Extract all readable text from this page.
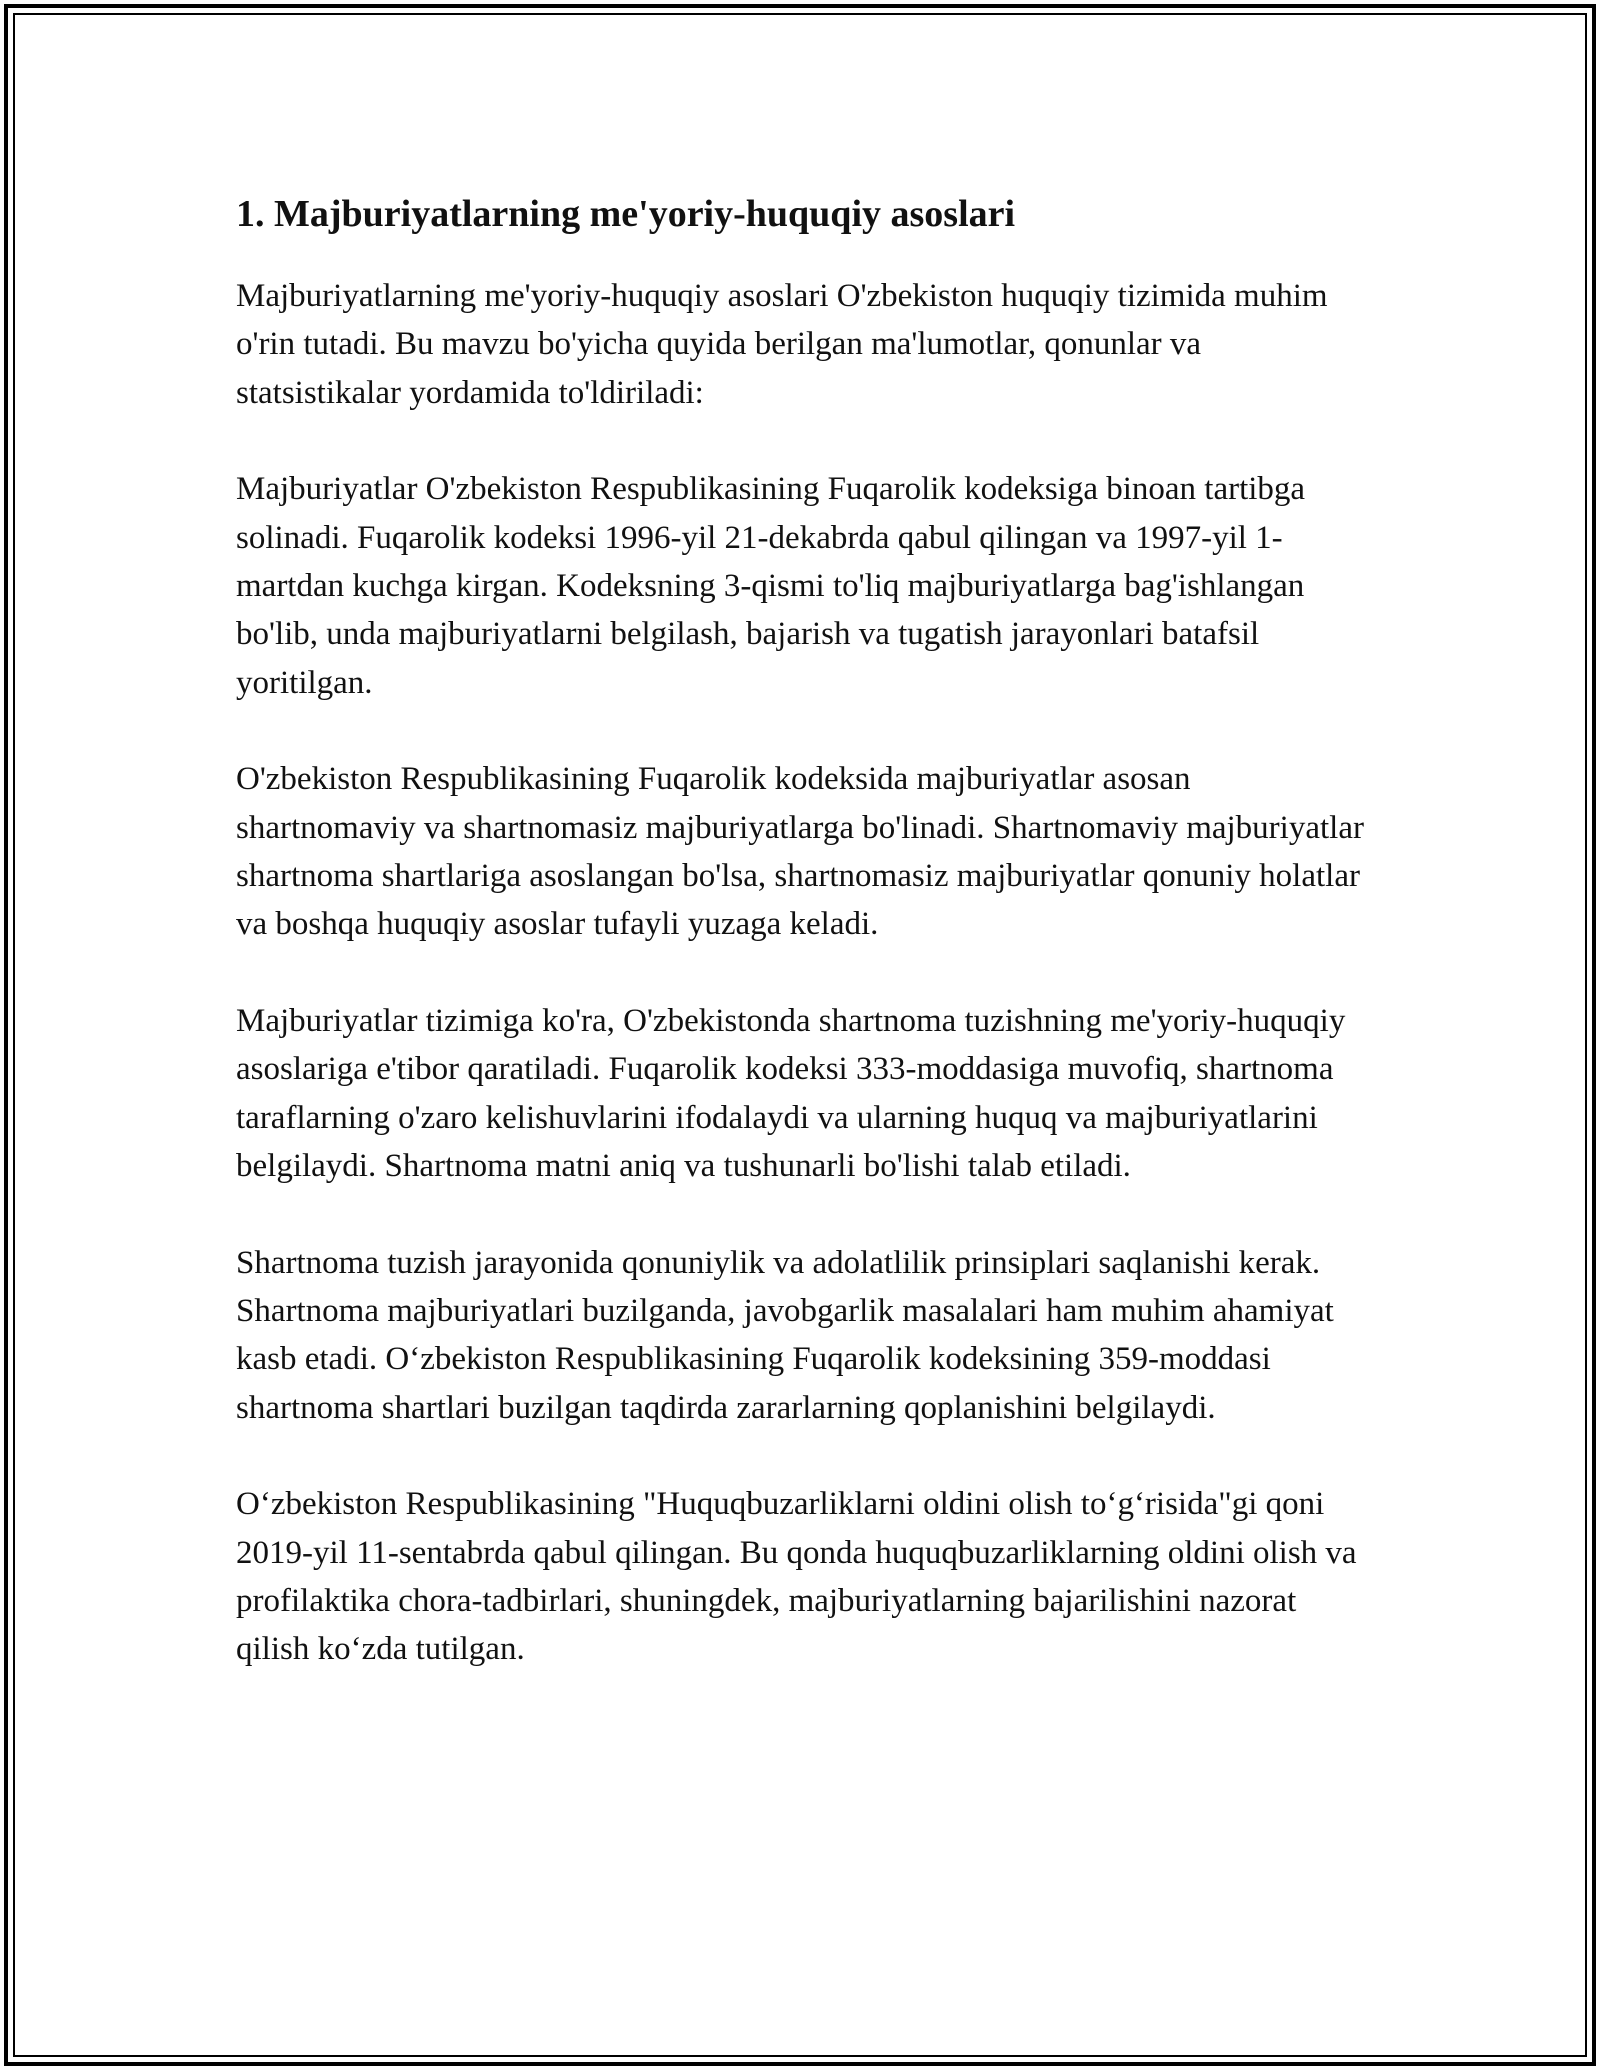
1. Majburiyatlarning me'yoriy-huquqiy asoslari

Majburiyatlarning me'yoriy-huquqiy asoslari O'zbekiston huquqiy tizimida muhim o'rin tutadi. Bu mavzu bo'yicha quyida berilgan ma'lumotlar, qonunlar va statsistikalar yordamida to'ldiriladi:

Majburiyatlar O'zbekiston Respublikasining Fuqarolik kodeksiga binoan tartibga solinadi. Fuqarolik kodeksi 1996-yil 21-dekabrda qabul qilingan va 1997-yil 1-martdan kuchga kirgan. Kodeksning 3-qismi to'liq majburiyatlarga bag'ishlangan bo'lib, unda majburiyatlarni belgilash, bajarish va tugatish jarayonlari batafsil yoritilgan.

O'zbekiston Respublikasining Fuqarolik kodeksida majburiyatlar asosan shartnomaviy va shartnomasiz majburiyatlarga bo'linadi. Shartnomaviy majburiyatlar shartnoma shartlariga asoslangan bo'lsa, shartnomasiz majburiyatlar qonuniy holatlar va boshqa huquqiy asoslar tufayli yuzaga keladi.

Majburiyatlar tizimiga ko'ra, O'zbekistonda shartnoma tuzishning me'yoriy-huquqiy asoslariga e'tibor qaratiladi. Fuqarolik kodeksi 333-moddasiga muvofiq, shartnoma taraflarning o'zaro kelishuvlarini ifodalaydi va ularning huquq va majburiyatlarini belgilaydi. Shartnoma matni aniq va tushunarli bo'lishi talab etiladi.

Shartnoma tuzish jarayonida qonuniylik va adolatlilik prinsiplari saqlanishi kerak. Shartnoma majburiyatlari buzilganda, javobgarlik masalalari ham muhim ahamiyat kasb etadi. O‘zbekiston Respublikasining Fuqarolik kodeksining 359-moddasi shartnoma shartlari buzilgan taqdirda zararlarning qoplanishini belgilaydi.

O‘zbekiston Respublikasining "Huquqbuzarliklarni oldini olish to‘g‘risida"gi qoni 2019-yil 11-sentabrda qabul qilingan. Bu qonda huquqbuzarliklarning oldini olish va profilaktika chora-tadbirlari, shuningdek, majburiyatlarning bajarilishini nazorat qilish ko‘zda tutilgan.
